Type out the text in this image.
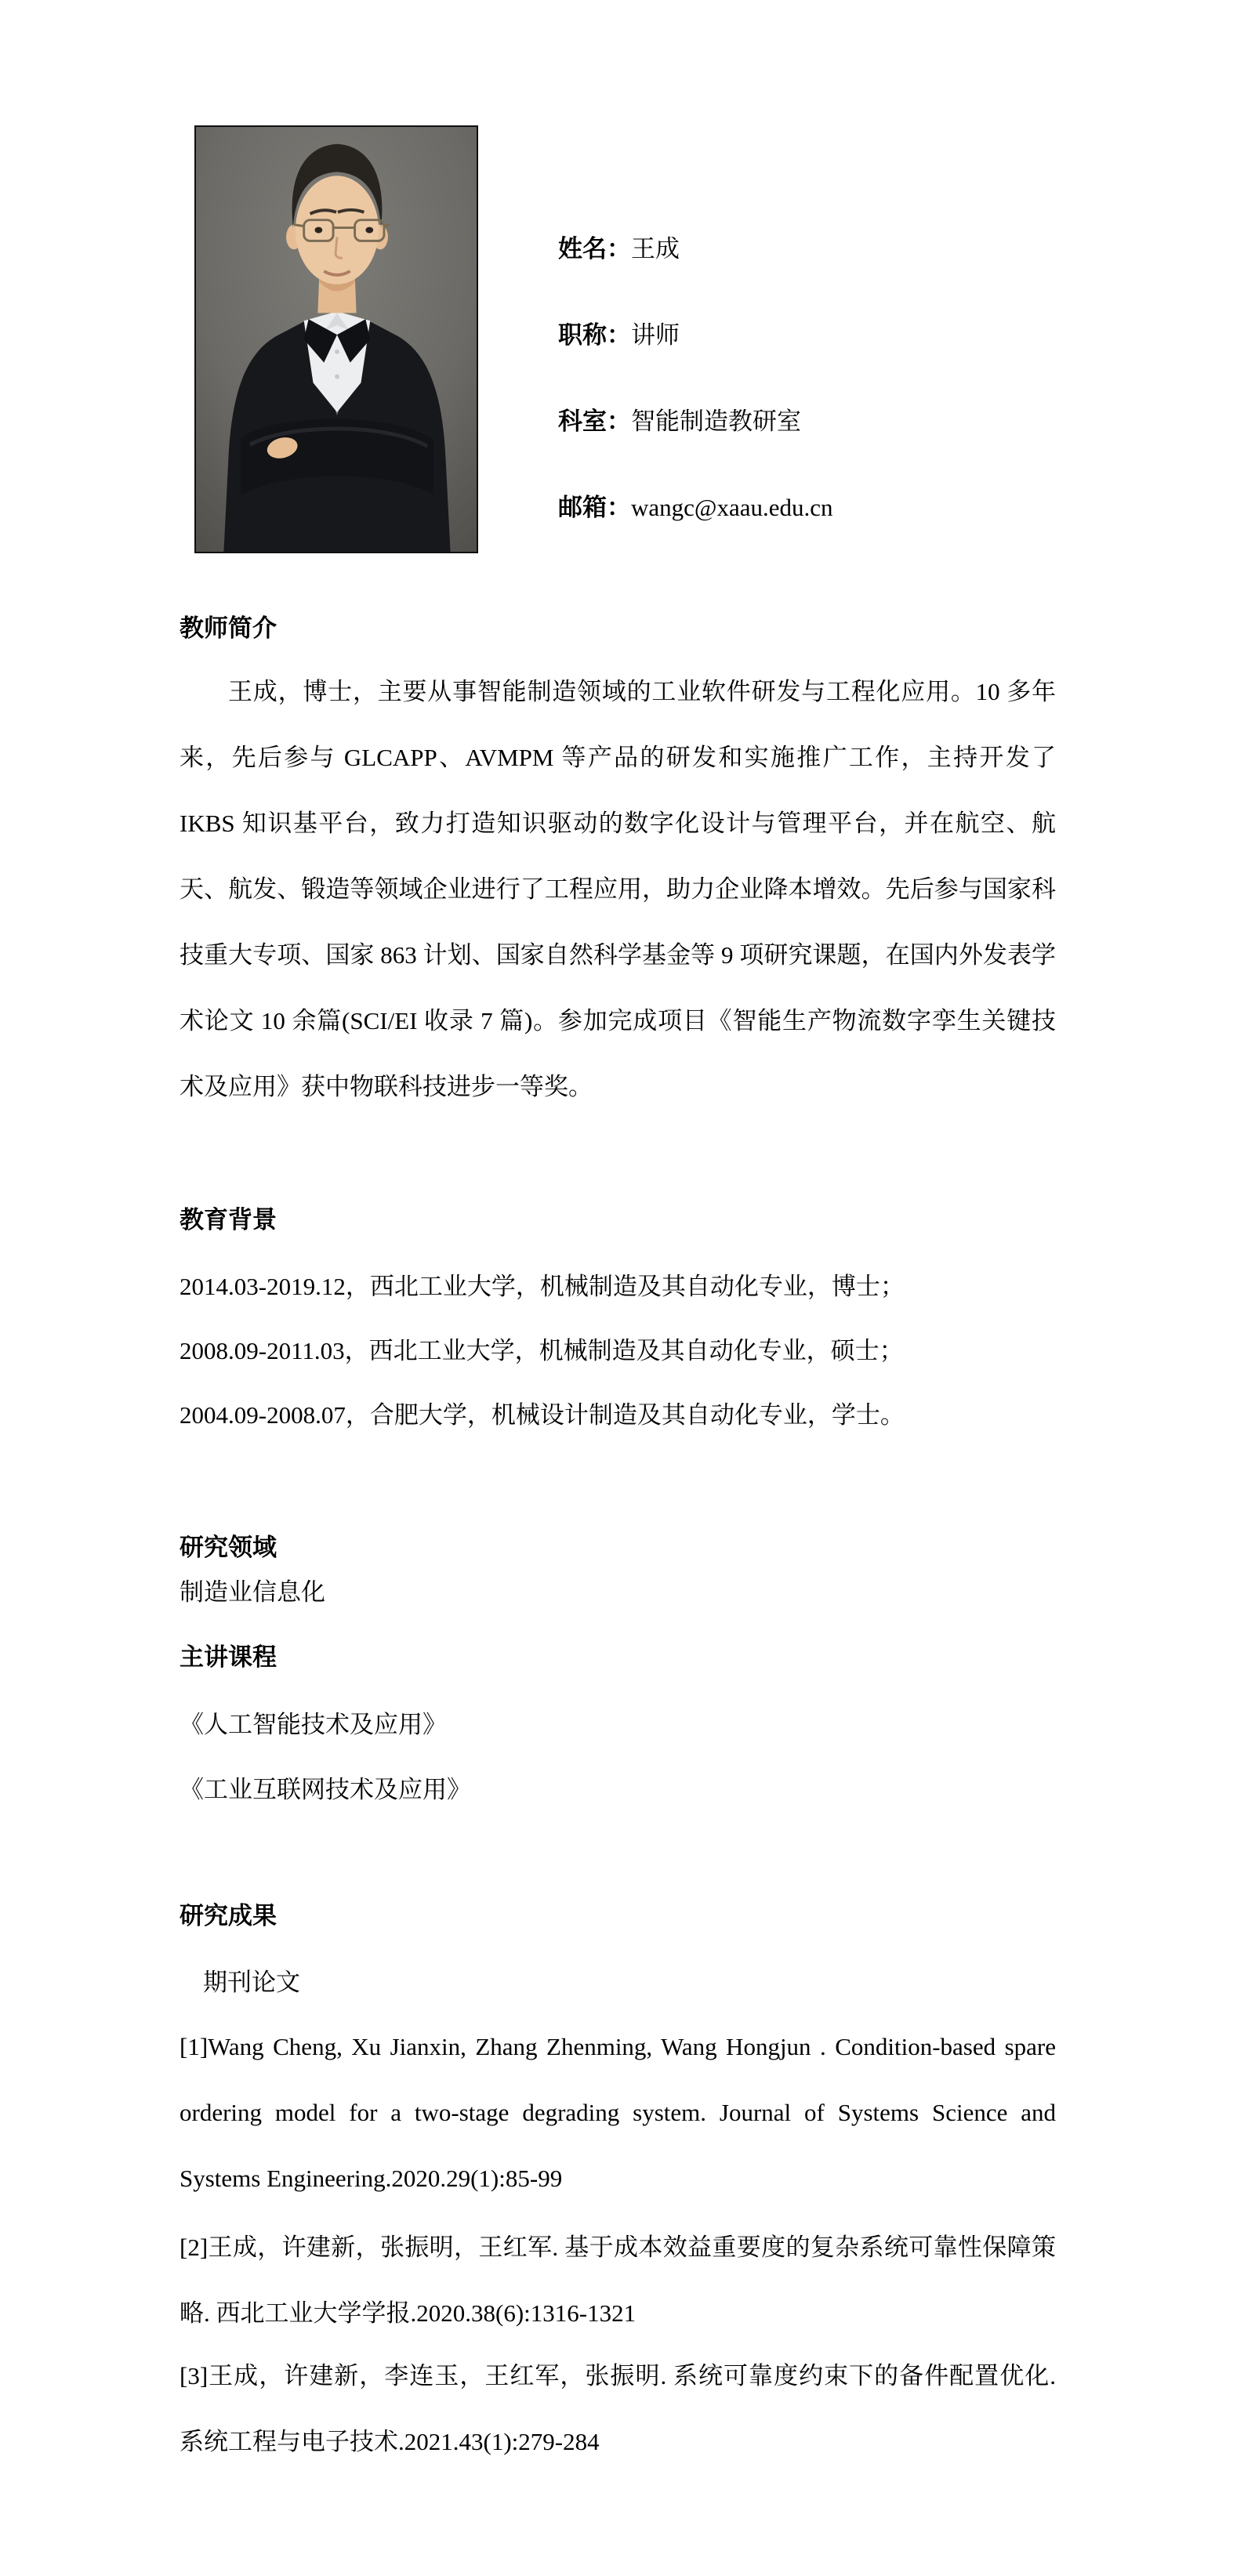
姓名：王成
职称：讲师
科室：智能制造教研室
邮箱：wangc@xaau.edu.cn
教师简介

王成，博士，主要从事智能制造领域的工业软件研发与工程化应用。10 多年来，先后参与 GLCAPP、AVMPM 等产品的研发和实施推广工作，主持开发了 IKBS 知识基平台，致力打造知识驱动的数字化设计与管理平台，并在航空、航天、航发、锻造等领域企业进行了工程应用，助力企业降本增效。先后参与国家科技重大专项、国家 863 计划、国家自然科学基金等 9 项研究课题，在国内外发表学术论文 10 余篇(SCI/EI 收录 7 篇)。参加完成项目《智能生产物流数字孪生关键技术及应用》获中物联科技进步一等奖。

教育背景
2014.03-2019.12，西北工业大学，机械制造及其自动化专业，博士；
2008.09-2011.03，西北工业大学，机械制造及其自动化专业，硕士；
2004.09-2008.07，合肥大学，机械设计制造及其自动化专业，学士。
研究领域
制造业信息化
主讲课程
《人工智能技术及应用》
《工业互联网技术及应用》
研究成果
期刊论文

[1]Wang Cheng, Xu Jianxin, Zhang Zhenming, Wang Hongjun . Condition-based spare ordering model for a two-stage degrading system. Journal of Systems Science and Systems Engineering.2020.29(1):85-99

[2]王成，许建新，张振明，王红军. 基于成本效益重要度的复杂系统可靠性保障策略. 西北工业大学学报.2020.38(6):1316-1321

[3]王成，许建新，李连玉，王红军，张振明. 系统可靠度约束下的备件配置优化. 系统工程与电子技术.2021.43(1):279-284
